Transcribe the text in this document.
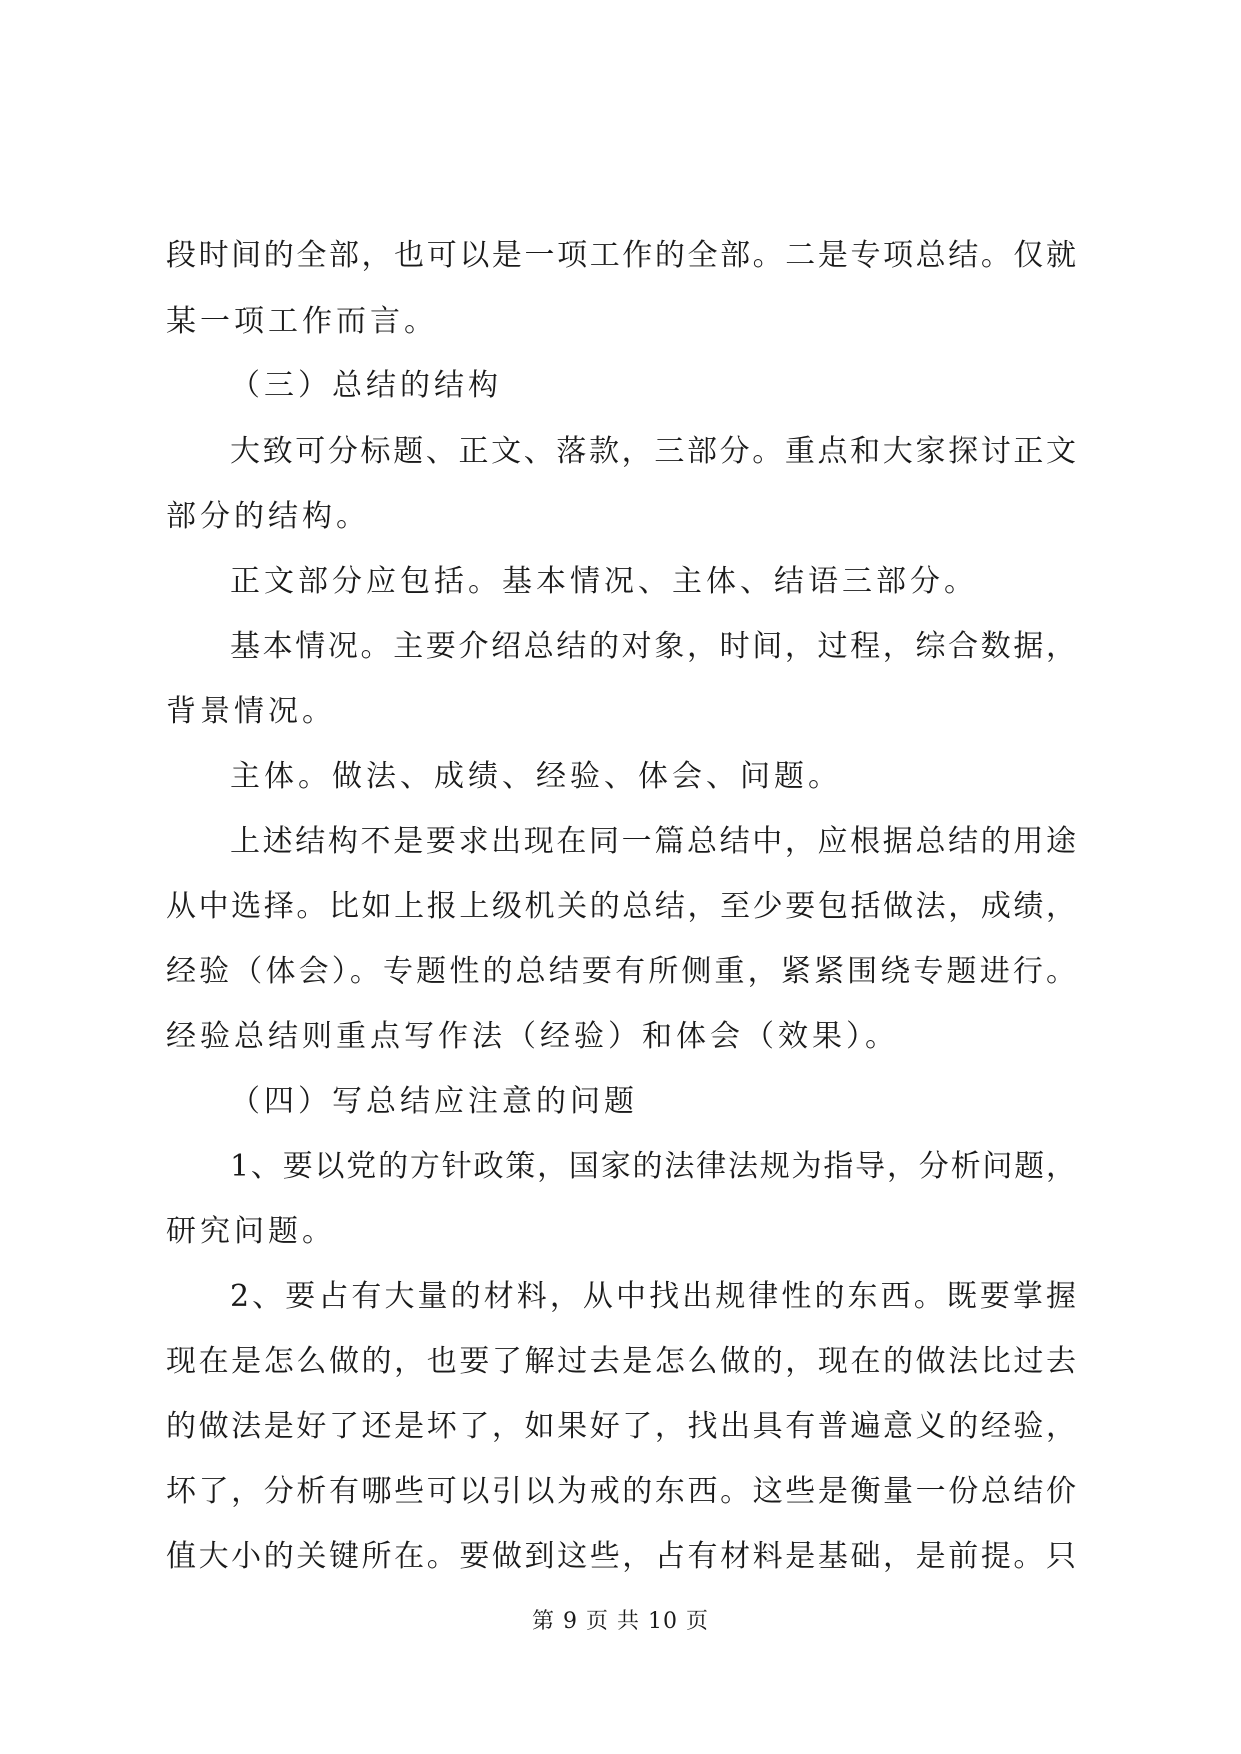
段时间的全部，也可以是一项工作的全部。二是专项总结。仅就
某一项工作而言。
（三）总结的结构
大致可分标题、正文、落款，三部分。重点和大家探讨正文
部分的结构。
正文部分应包括。基本情况、主体、结语三部分。
基本情况。主要介绍总结的对象，时间，过程，综合数据，
背景情况。
主体。做法、成绩、经验、体会、问题。
上述结构不是要求出现在同一篇总结中，应根据总结的用途
从中选择。比如上报上级机关的总结，至少要包括做法，成绩，
经验（体会）。专题性的总结要有所侧重，紧紧围绕专题进行。
经验总结则重点写作法（经验）和体会（效果）。
（四）写总结应注意的问题
1、要以党的方针政策，国家的法律法规为指导，分析问题，
研究问题。
2、要占有大量的材料，从中找出规律性的东西。既要掌握
现在是怎么做的，也要了解过去是怎么做的，现在的做法比过去
的做法是好了还是坏了，如果好了，找出具有普遍意义的经验，
坏了，分析有哪些可以引以为戒的东西。这些是衡量一份总结价
值大小的关键所在。要做到这些，占有材料是基础，是前提。只
第 9 页 共 10 页
